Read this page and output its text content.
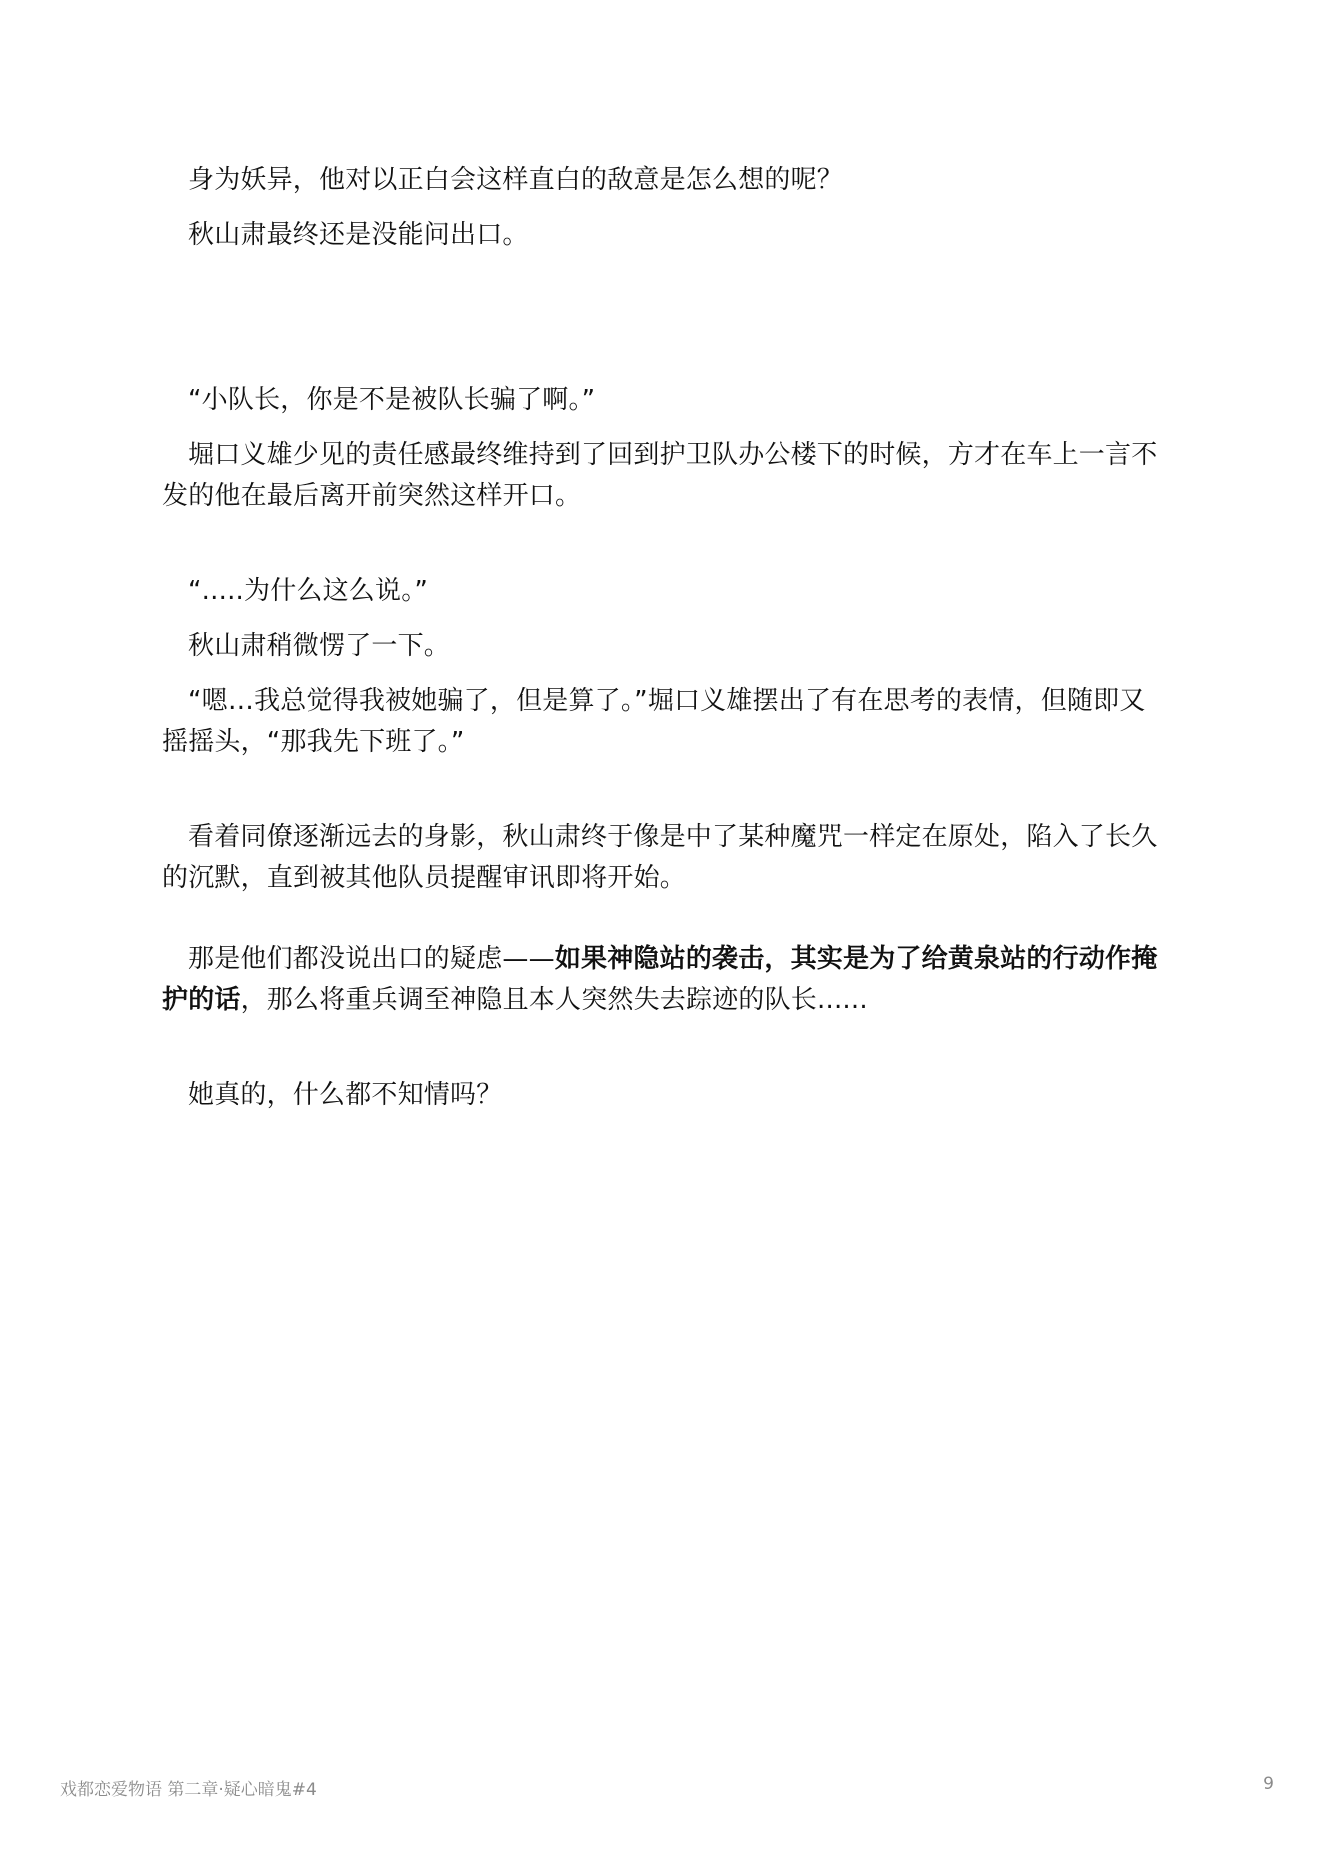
身为妖异，他对以正白会这样直白的敌意是怎么想的呢？

秋山肃最终还是没能问出口。

“小队长，你是不是被队长骗了啊。”

堀口义雄少见的责任感最终维持到了回到护卫队办公楼下的时候，方才在车上一言不发的他在最后离开前突然这样开口。

“.....为什么这么说。”

秋山肃稍微愣了一下。

“嗯…我总觉得我被她骗了，但是算了。”堀口义雄摆出了有在思考的表情，但随即又摇摇头，“那我先下班了。”

看着同僚逐渐远去的身影，秋山肃终于像是中了某种魔咒一样定在原处，陷入了长久的沉默，直到被其他队员提醒审讯即将开始。

那是他们都没说出口的疑虑——如果神隐站的袭击，其实是为了给黄泉站的行动作掩护的话，那么将重兵调至神隐且本人突然失去踪迹的队长......

她真的，什么都不知情吗？

戏都恋爱物语 第二章·疑心暗鬼#4	9
